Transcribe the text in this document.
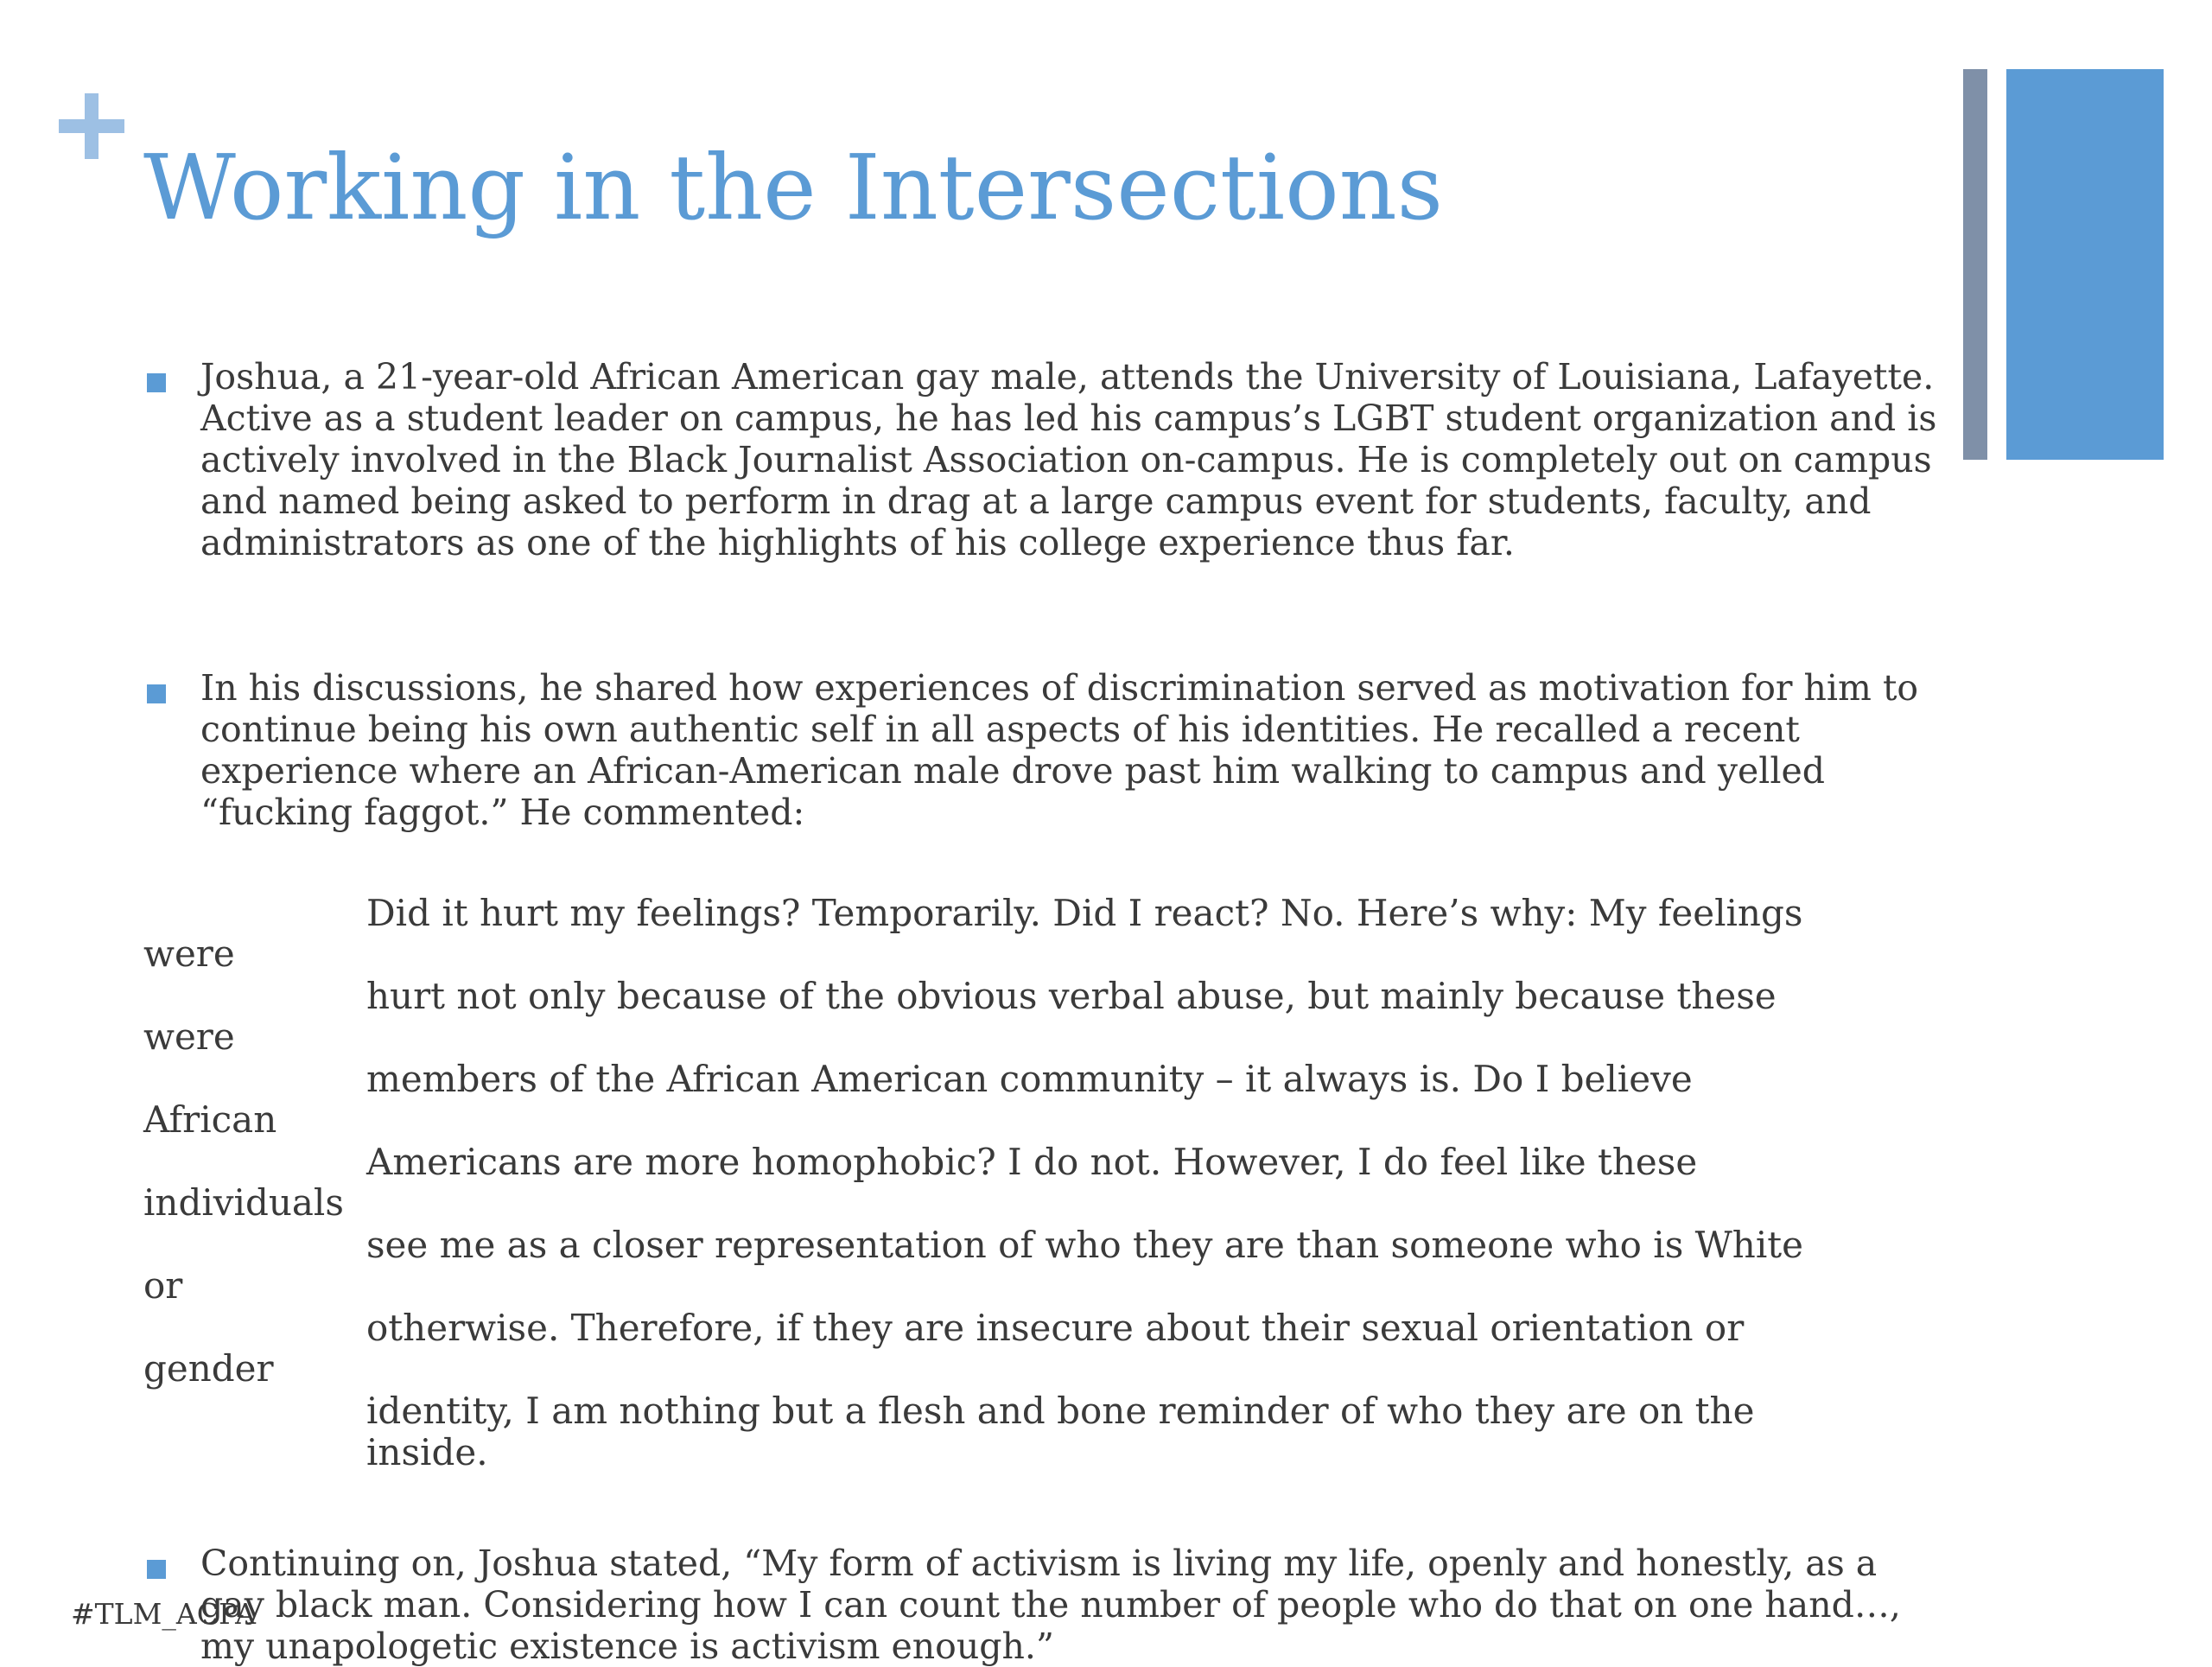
Working in the Intersections
Joshua, a 21-year-old African American gay male, attends the University of Louisiana, Lafayette. Active as a student leader on campus, he has led his campus’s LGBT student organization and is actively involved in the Black Journalist Association on-campus. He is completely out on campus and named being asked to perform in drag at a large campus event for students, faculty, and administrators as one of the highlights of his college experience thus far.
In his discussions, he shared how experiences of discrimination served as motivation for him to continue being his own authentic self in all aspects of his identities. He recalled a recent experience where an African-American male drove past him walking to campus and yelled “fucking faggot.” He commented:
Continuing on, Joshua stated, “My form of activism is living my life, openly and honestly, as a gay black man. Considering how I can count the number of people who do that on one hand…, my unapologetic existence is activism enough.”
Did it hurt my feelings? Temporarily. Did I react? No. Here’s why: My feelings
were
hurt not only because of the obvious verbal abuse, but mainly because these
were
members of the African American community – it always is. Do I believe
African
Americans are more homophobic? I do not. However, I do feel like these
individuals
see me as a closer representation of who they are than someone who is White
or
otherwise. Therefore, if they are insecure about their sexual orientation or
gender
identity, I am nothing but a flesh and bone reminder of who they are on the
inside.
#TLM_ACPA
